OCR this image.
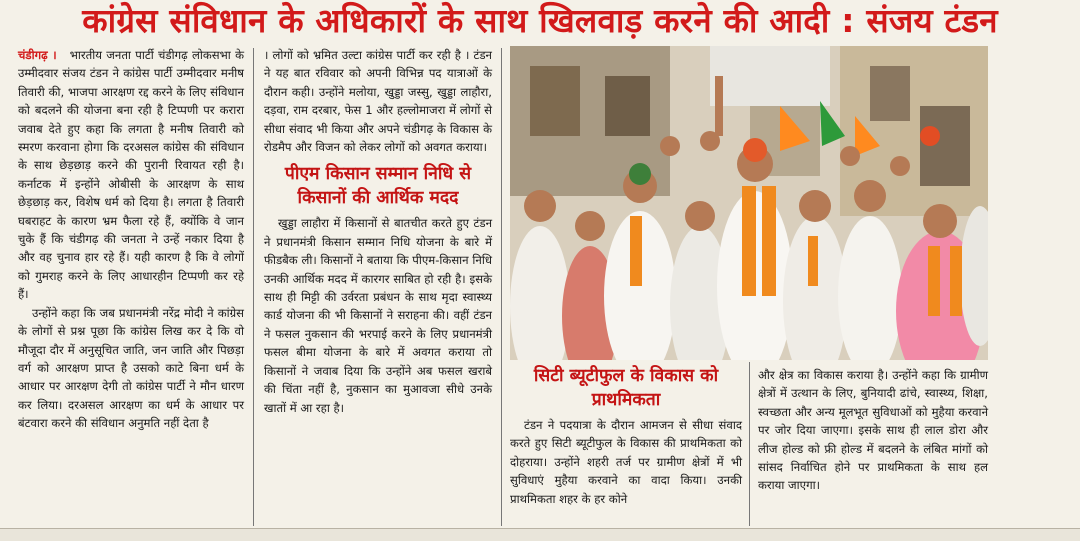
कांग्रेस संविधान के अधिकारों के साथ खिलवाड़ करने की आदी : संजय टंडन

चंडीगढ़ । भारतीय जनता पार्टी चंडीगढ़ लोकसभा के उम्मीदवार संजय टंडन ने कांग्रेस पार्टी उम्मीदवार मनीष तिवारी की, भाजपा आरक्षण रद्द करने के लिए संविधान को बदलने की योजना बना रही है टिप्पणी पर करारा जवाब देते हुए कहा कि लगता है मनीष तिवारी को स्मरण करवाना होगा कि दरअसल कांग्रेस की संविधान के साथ छेड़छाड़ करने की पुरानी रिवायत रही है। कर्नाटक में इन्होंने ओबीसी के आरक्षण के साथ छेड़छाड़ कर, विशेष धर्म को दिया है। लगता है तिवारी घबराहट के कारण भ्रम फैला रहे हैं, क्योंकि वे जान चुके हैं कि चंडीगढ़ की जनता ने उन्हें नकार दिया है और वह चुनाव हार रहे हैं। यही कारण है कि वे लोगों को गुमराह करने के लिए आधारहीन टिप्पणी कर रहे हैं।

उन्होंने कहा कि जब प्रधानमंत्री नरेंद्र मोदी ने कांग्रेस के लोगों से प्रश्न पूछा कि कांग्रेस लिख कर दे कि वो मौजूदा दौर में अनुसूचित जाति, जन जाति और पिछड़ा वर्ग को आरक्षण प्राप्त है उसको काटे बिना धर्म के आधार पर आरक्षण देगी तो कांग्रेस पार्टी ने मौन धारण कर लिया। दरअसल आरक्षण का धर्म के आधार पर बंटवारा करने की संविधान अनुमति नहीं देता है

। लोगों को भ्रमित उल्टा कांग्रेस पार्टी कर रही है । टंडन ने यह बात रविवार को अपनी विभिन्न पद यात्राओं के दौरान कही। उन्होंने मलोया, खुड्डा जस्सु, खुड्डा लाहौरा, दड़वा, राम दरबार, फेस 1 और हल्लोमाजरा में लोगों से सीधा संवाद भी किया और अपने चंडीगढ़ के विकास के रोडमैप और विजन को लेकर लोगों को अवगत कराया।

पीएम किसान सम्मान निधि से किसानों की आर्थिक मदद

खुड्डा लाहौरा में किसानों से बातचीत करते हुए टंडन ने प्रधानमंत्री किसान सम्मान निधि योजना के बारे में फीडबैक ली। किसानों ने बताया कि पीएम-किसान निधि उनकी आर्थिक मदद में कारगर साबित हो रही है। इसके साथ ही मिट्टी की उर्वरता प्रबंधन के साथ मृदा स्वास्थ्य कार्ड योजना की भी किसानों ने सराहना की। वहीं टंडन ने फसल नुकसान की भरपाई करने के लिए प्रधानमंत्री फसल बीमा योजना के बारे में अवगत कराया तो किसानों ने जवाब दिया कि उन्होंने अब फसल खराबे की चिंता नहीं है, नुकसान का मुआवजा सीधे उनके खातों में आ रहा है।

सिटी ब्यूटीफुल के विकास को प्राथमिकता

टंडन ने पदयात्रा के दौरान आमजन से सीधा संवाद करते हुए सिटी ब्यूटीफुल के विकास की प्राथमिकता को दोहराया। उन्होंने शहरी तर्ज पर ग्रामीण क्षेत्रों में भी सुविधाएं मुहैया करवाने का वादा किया। उनकी प्राथमिकता शहर के हर कोने

और क्षेत्र का विकास कराया है। उन्होंने कहा कि ग्रामीण क्षेत्रों में उत्थान के लिए, बुनियादी ढांचे, स्वास्थ्य, शिक्षा, स्वच्छता और अन्य मूलभूत सुविधाओं को मुहैया करवाने पर जोर दिया जाएगा। इसके साथ ही लाल डोरा और लीज होल्ड को फ्री होल्ड में बदलने के लंबित मांगों को सांसद निर्वाचित होने पर प्राथमिकता के साथ हल कराया जाएगा।
